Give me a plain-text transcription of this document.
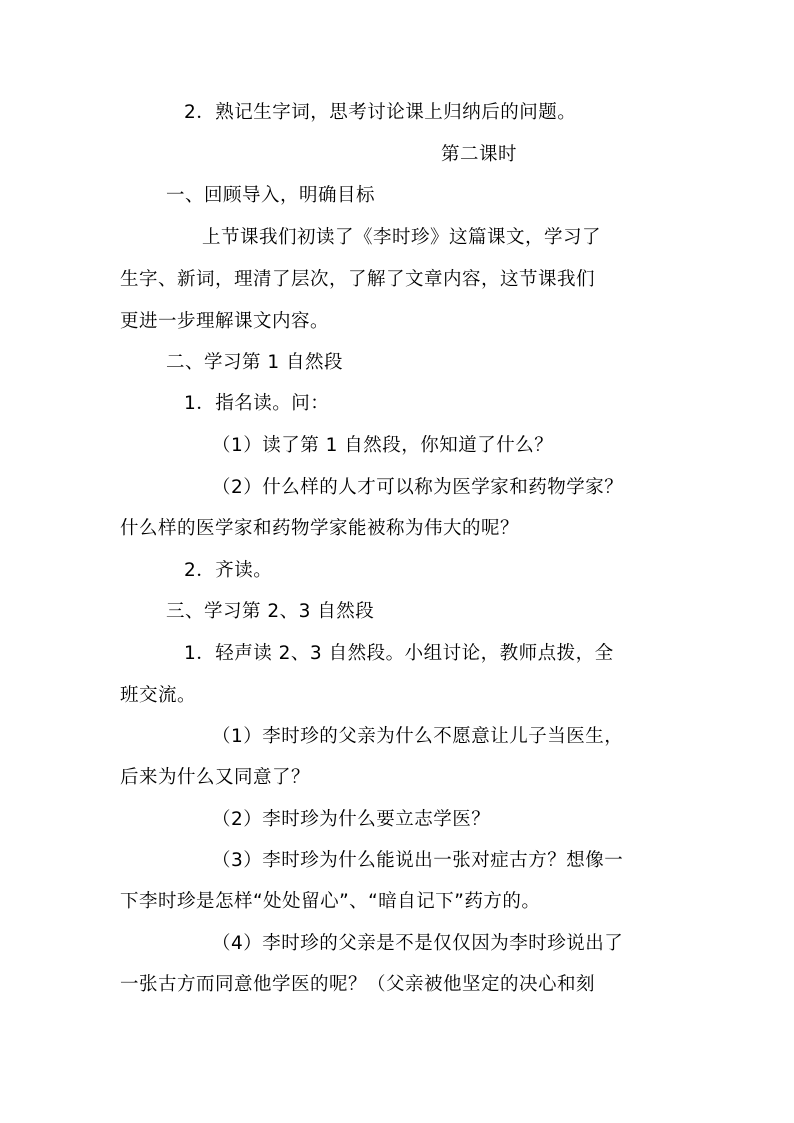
2．熟记生字词，思考讨论课上归纳后的问题。
第二课时
一、回顾导入，明确目标
上节课我们初读了《李时珍》这篇课文，学习了
生字、新词，理清了层次，了解了文章内容，这节课我们
更进一步理解课文内容。
二、学习第 1 自然段
1．指名读。问：
（1）读了第 1 自然段，你知道了什么？
（2）什么样的人才可以称为医学家和药物学家？
什么样的医学家和药物学家能被称为伟大的呢？
2．齐读。
三、学习第 2、3 自然段
1．轻声读 2、3 自然段。小组讨论，教师点拨，全
班交流。
（1）李时珍的父亲为什么不愿意让儿子当医生，
后来为什么又同意了？
（2）李时珍为什么要立志学医？
（3）李时珍为什么能说出一张对症古方？想像一
下李时珍是怎样“处处留心”、“暗自记下”药方的。
（4）李时珍的父亲是不是仅仅因为李时珍说出了
一张古方而同意他学医的呢？（父亲被他坚定的决心和刻
